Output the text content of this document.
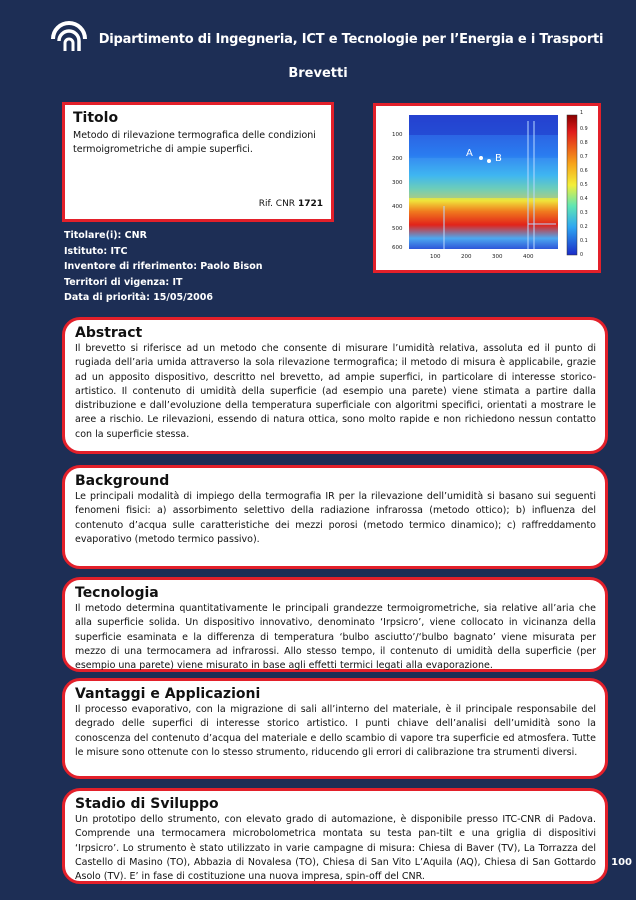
Dipartimento di Ingegneria, ICT e Tecnologie per l’Energia e i Trasporti
Brevetti
Titolo

Metodo di rilevazione termografica delle condizioni termoigrometriche di ampie superfici.

Rif. CNR 1721
Titolare(i): CNR
Istituto: ITC
Inventore di riferimento: Paolo Bison
Territori di vigenza: IT
Data di priorità: 15/05/2006
A B
100
200
300
400
500
600
100	200	300	400
1
0.9
0.8
0.7
0.6
0.5
0.4
0.3
0.2
0.1
0
Abstract

Il brevetto si riferisce ad un metodo che consente di misurare l’umidità relativa, assoluta ed il punto di rugiada dell’aria umida attraverso la sola rilevazione termografica; il metodo di misura è applicabile, grazie ad un apposito dispositivo, descritto nel brevetto, ad ampie superfici, in particolare di interesse storico-artistico. Il contenuto di umidità della superficie (ad esempio una parete) viene stimata a partire dalla distribuzione e dall’evoluzione della temperatura superficiale con algoritmi specifici, orientati a mostrare le aree a rischio. Le rilevazioni, essendo di natura ottica, sono molto rapide e non richiedono nessun contatto con la superficie stessa.

Background

Le principali modalità di impiego della termografia IR per la rilevazione dell’umidità si basano sui seguenti fenomeni fisici: a) assorbimento selettivo della radiazione infrarossa (metodo ottico); b) influenza del contenuto d’acqua sulle caratteristiche dei mezzi porosi (metodo termico dinamico); c) raffreddamento evaporativo (metodo termico passivo).

Tecnologia

Il metodo determina quantitativamente le principali grandezze termoigrometriche, sia relative all’aria che alla superficie solida. Un dispositivo innovativo, denominato ‘Irpsicro’, viene collocato in vicinanza della superficie esaminata e la differenza di temperatura ‘bulbo asciutto’/‘bulbo bagnato’ viene misurata per mezzo di una termocamera ad infrarossi. Allo stesso tempo, il contenuto di umidità della superficie (per esempio una parete) viene misurato in base agli effetti termici legati alla evaporazione.

Vantaggi e Applicazioni

Il processo evaporativo, con la migrazione di sali all’interno del materiale, è il principale responsabile del degrado delle superfici di interesse storico artistico. I punti chiave dell’analisi dell’umidità sono la conoscenza del contenuto d’acqua del materiale e dello scambio di vapore tra superficie ed atmosfera. Tutte le misure sono ottenute con lo stesso strumento, riducendo gli errori di calibrazione tra strumenti diversi.

Stadio di Sviluppo

Un prototipo dello strumento, con elevato grado di automazione, è disponibile presso ITC-CNR di Padova. Comprende una termocamera microbolometrica montata su testa pan-tilt e una griglia di dispositivi ‘Irpsicro’. Lo strumento è stato utilizzato in varie campagne di misura: Chiesa di Baver (TV), La Torrazza del Castello di Masino (TO), Abbazia di Novalesa (TO), Chiesa di San Vito L’Aquila (AQ), Chiesa di San Gottardo Asolo (TV). E’ in fase di costituzione una nuova impresa, spin-off del CNR.

100
